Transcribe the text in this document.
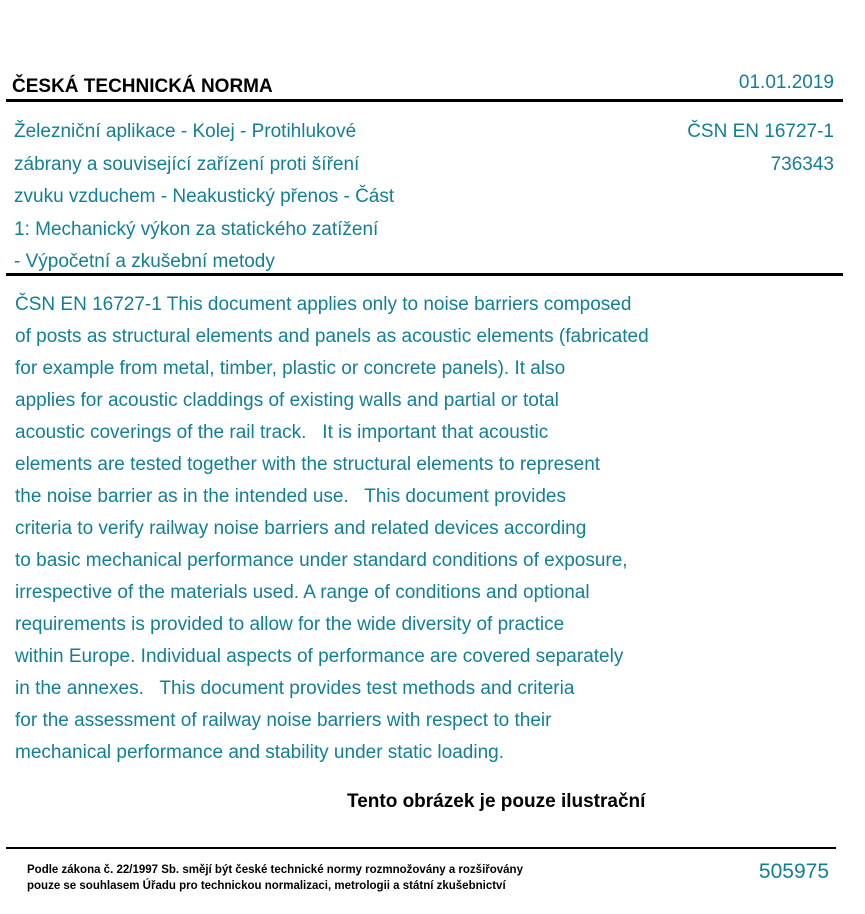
ČESKÁ TECHNICKÁ NORMA	01.01.2019
Železniční aplikace - Kolej - Protihlukové
zábrany a související zařízení proti šíření
zvuku vzduchem - Neakustický přenos - Část
1: Mechanický výkon za statického zatížení
- Výpočetní a zkušební metody
ČSN EN 16727-1
736343
ČSN EN 16727-1 This document applies only to noise barriers composed
of posts as structural elements and panels as acoustic elements (fabricated
for example from metal, timber, plastic or concrete panels). It also
applies for acoustic claddings of existing walls and partial or total
acoustic coverings of the rail track.   It is important that acoustic
elements are tested together with the structural elements to represent
the noise barrier as in the intended use.   This document provides
criteria to verify railway noise barriers and related devices according
to basic mechanical performance under standard conditions of exposure,
irrespective of the materials used. A range of conditions and optional
requirements is provided to allow for the wide diversity of practice
within Europe. Individual aspects of performance are covered separately
in the annexes.   This document provides test methods and criteria
for the assessment of railway noise barriers with respect to their
mechanical performance and stability under static loading.
Tento obrázek je pouze ilustrační
Podle zákona č. 22/1997 Sb. smějí být české technické normy rozmnožovány a rozšiřovány
pouze se souhlasem Úřadu pro technickou normalizaci, metrologii a státní zkušebnictví
505975
